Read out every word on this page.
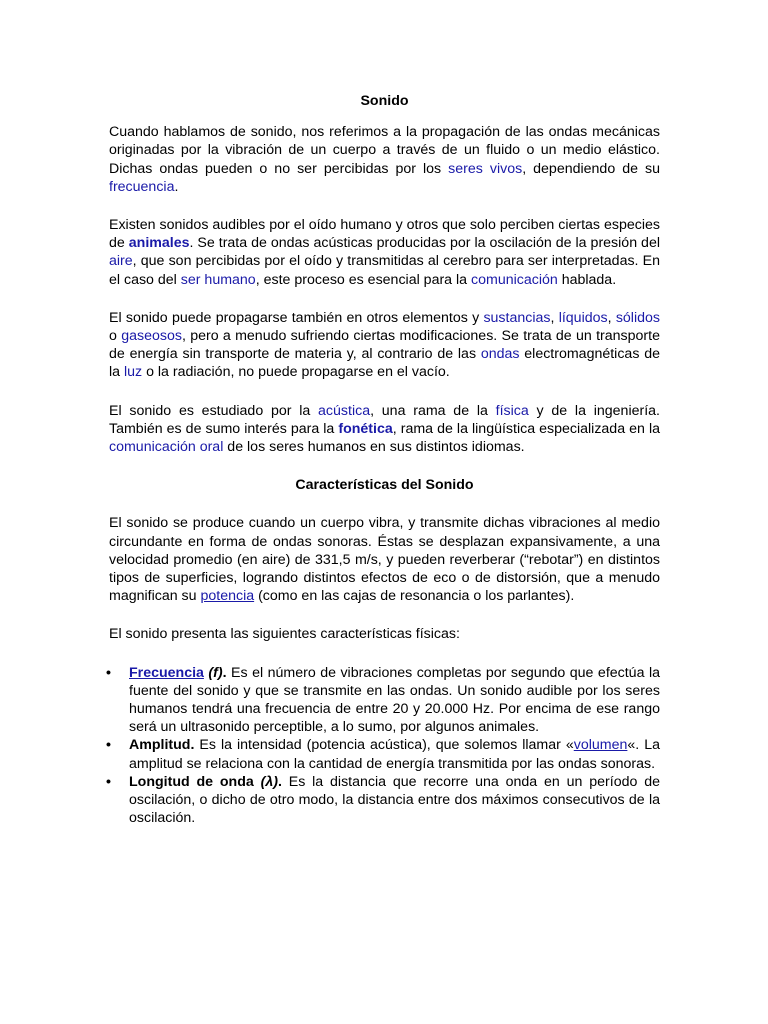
Sonido

Cuando hablamos de sonido, nos referimos a la propagación de las ondas mecánicas originadas por la vibración de un cuerpo a través de un fluido o un medio elástico. Dichas ondas pueden o no ser percibidas por los seres vivos, dependiendo de su frecuencia.

Existen sonidos audibles por el oído humano y otros que solo perciben ciertas especies de animales. Se trata de ondas acústicas producidas por la oscilación de la presión del aire, que son percibidas por el oído y transmitidas al cerebro para ser interpretadas. En el caso del ser humano, este proceso es esencial para la comunicación hablada.

El sonido puede propagarse también en otros elementos y sustancias, líquidos, sólidos o gaseosos, pero a menudo sufriendo ciertas modificaciones. Se trata de un transporte de energía sin transporte de materia y, al contrario de las ondas electromagnéticas de la luz o la radiación, no puede propagarse en el vacío.

El sonido es estudiado por la acústica, una rama de la física y de la ingeniería. También es de sumo interés para la fonética, rama de la lingüística especializada en la comunicación oral de los seres humanos en sus distintos idiomas.

Características del Sonido

El sonido se produce cuando un cuerpo vibra, y transmite dichas vibraciones al medio circundante en forma de ondas sonoras. Éstas se desplazan expansivamente, a una velocidad promedio (en aire) de 331,5 m/s, y pueden reverberar (“rebotar”) en distintos tipos de superficies, logrando distintos efectos de eco o de distorsión, que a menudo magnifican su potencia (como en las cajas de resonancia o los parlantes).

El sonido presenta las siguientes características físicas:

• Frecuencia (f). Es el número de vibraciones completas por segundo que efectúa la fuente del sonido y que se transmite en las ondas. Un sonido audible por los seres humanos tendrá una frecuencia de entre 20 y 20.000 Hz. Por encima de ese rango será un ultrasonido perceptible, a lo sumo, por algunos animales.
• Amplitud. Es la intensidad (potencia acústica), que solemos llamar «volumen«. La amplitud se relaciona con la cantidad de energía transmitida por las ondas sonoras.
• Longitud de onda (λ). Es la distancia que recorre una onda en un período de oscilación, o dicho de otro modo, la distancia entre dos máximos consecutivos de la oscilación.
